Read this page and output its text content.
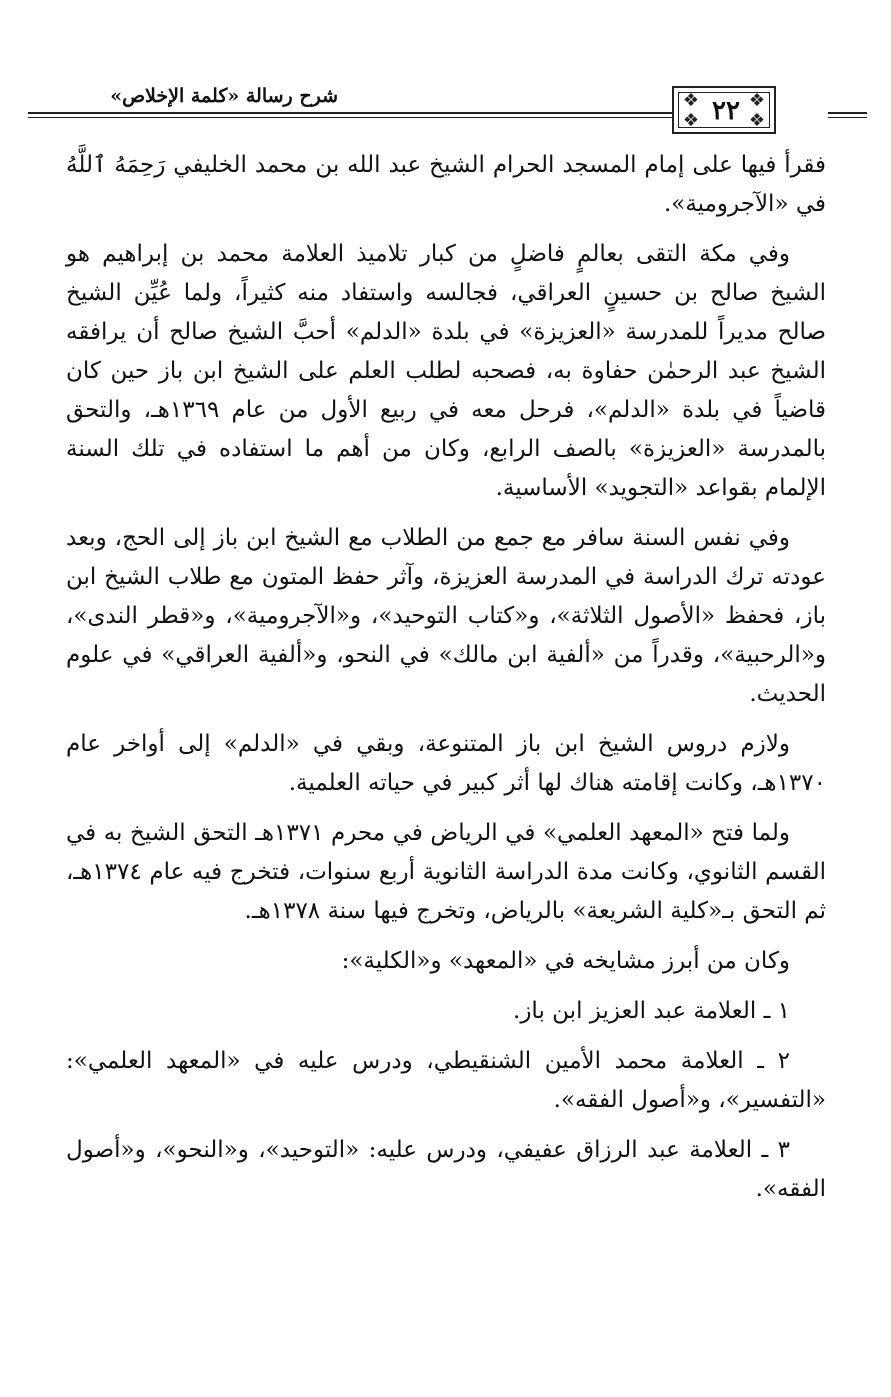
شرح رسالة «كلمة الإخلاص»	❖
❖
❖
❖
٢٢

فقرأ فيها على إمام المسجد الحرام الشيخ عبد الله بن محمد الخليفي رَحِمَهُ ٱللَّهُ في «الآجرومية».

وفي مكة التقى بعالمٍ فاضلٍ من كبار تلاميذ العلامة محمد بن إبراهيم هو الشيخ صالح بن حسينٍ العراقي، فجالسه واستفاد منه كثيراً، ولما عُيِّن الشيخ صالح مديراً للمدرسة «العزيزة» في بلدة «الدلم» أحبَّ الشيخ صالح أن يرافقه الشيخ عبد الرحمٰن حفاوة به، فصحبه لطلب العلم على الشيخ ابن باز حين كان قاضياً في بلدة «الدلم»، فرحل معه في ربيع الأول من عام ١٣٦٩هـ، والتحق بالمدرسة «العزيزة» بالصف الرابع، وكان من أهم ما استفاده في تلك السنة الإلمام بقواعد «التجويد» الأساسية.

وفي نفس السنة سافر مع جمع من الطلاب مع الشيخ ابن باز إلى الحج، وبعد عودته ترك الدراسة في المدرسة العزيزة، وآثر حفظ المتون مع طلاب الشيخ ابن باز، فحفظ «الأصول الثلاثة»، و«كتاب التوحيد»، و«الآجرومية»، و«قطر الندى»، و«الرحبية»، وقدراً من «ألفية ابن مالك» في النحو، و«ألفية العراقي» في علوم الحديث.

ولازم دروس الشيخ ابن باز المتنوعة، وبقي في «الدلم» إلى أواخر عام ١٣٧٠هـ، وكانت إقامته هناك لها أثر كبير في حياته العلمية.

ولما فتح «المعهد العلمي» في الرياض في محرم ١٣٧١هـ التحق الشيخ به في القسم الثانوي، وكانت مدة الدراسة الثانوية أربع سنوات، فتخرج فيه عام ١٣٧٤هـ، ثم التحق بـ«كلية الشريعة» بالرياض، وتخرج فيها سنة ١٣٧٨هـ.

وكان من أبرز مشايخه في «المعهد» و«الكلية»:

١ ـ العلامة عبد العزيز ابن باز.

٢ ـ العلامة محمد الأمين الشنقيطي، ودرس عليه في «المعهد العلمي»: «التفسير»، و«أصول الفقه».

٣ ـ العلامة عبد الرزاق عفيفي، ودرس عليه: «التوحيد»، و«النحو»، و«أصول الفقه».
